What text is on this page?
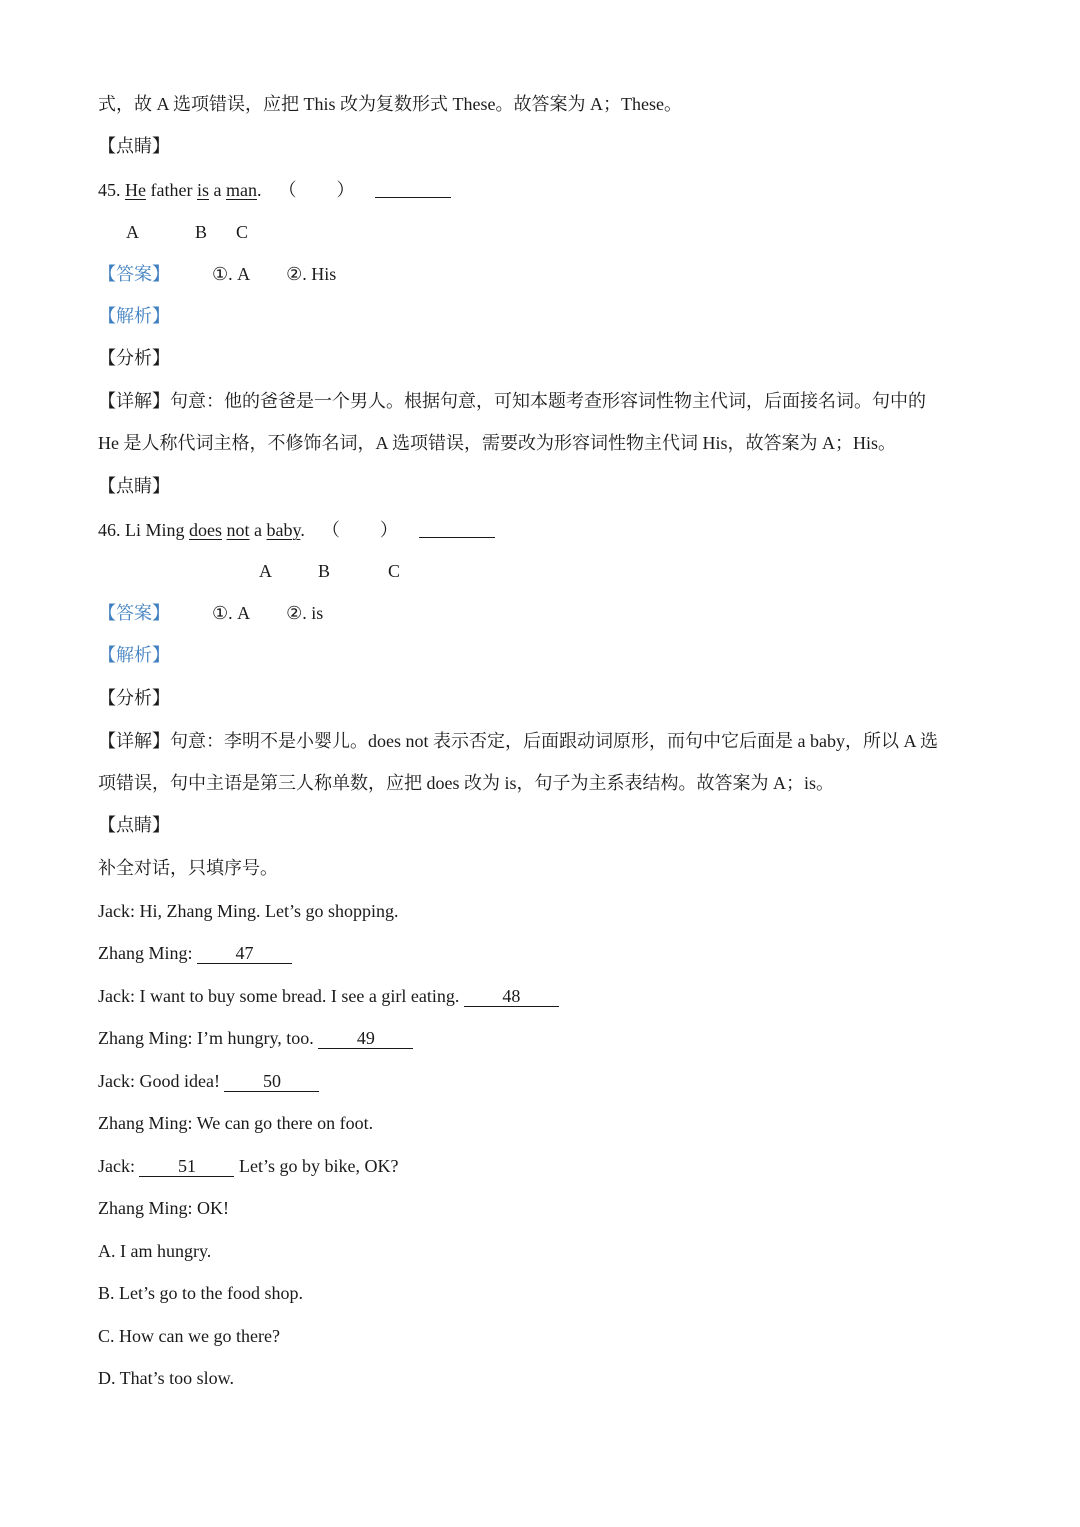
式，故 A 选项错误，应把 This 改为复数形式 These。故答案为 A；These。
【点睛】
45. He father is a man. （ ）
A	B C
【答案】 ①. A ②. His
【解析】
【分析】
【详解】句意：他的爸爸是一个男人。根据句意，可知本题考查形容词性物主代词，后面接名词。句中的
He 是人称代词主格，不修饰名词，A 选项错误，需要改为形容词性物主代词 His，故答案为 A；His。
【点睛】
46. Li Ming does not a baby. （ ）
A	B	C
【答案】 ①. A ②. is
【解析】
【分析】
【详解】句意：李明不是小婴儿。does not 表示否定，后面跟动词原形，而句中它后面是 a baby，所以 A 选
项错误，句中主语是第三人称单数，应把 does 改为 is，句子为主系表结构。故答案为 A；is。
【点睛】
补全对话，只填序号。
Jack: Hi, Zhang Ming. Let’s go shopping.
Zhang Ming: 47
Jack: I want to buy some bread. I see a girl eating. 48
Zhang Ming: I’m hungry, too. 49
Jack: Good idea! 50
Zhang Ming: We can go there on foot.
Jack: 51 Let’s go by bike, OK?
Zhang Ming: OK!
A. I am hungry.
B. Let’s go to the food shop.
C. How can we go there?
D. That’s too slow.
